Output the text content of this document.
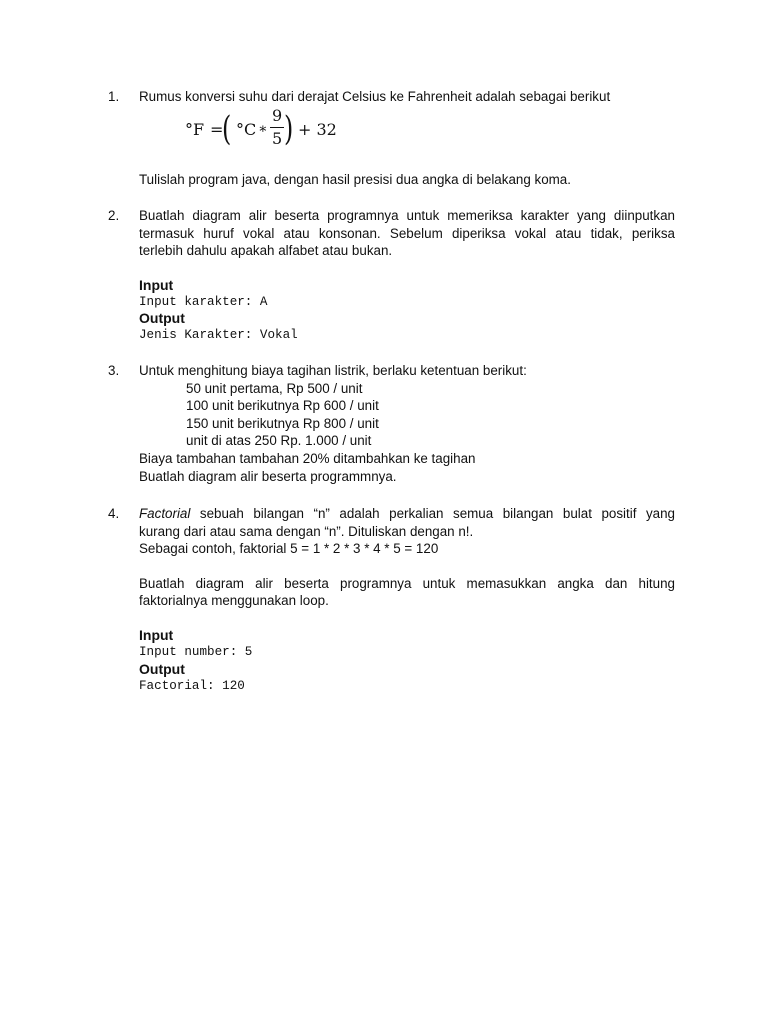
1. Rumus konversi suhu dari derajat Celsius ke Fahrenheit adalah sebagai berikut
°F =
( °C ∗
9
5 ) + 32
Tulislah program java, dengan hasil presisi dua angka di belakang koma.
2. Buatlah diagram alir beserta programnya untuk memeriksa karakter yang diinputkan
termasuk huruf vokal atau konsonan. Sebelum diperiksa vokal atau tidak, periksa
terlebih dahulu apakah alfabet atau bukan.
Input
Input karakter: A
Output
Jenis Karakter: Vokal
3. Untuk menghitung biaya tagihan listrik, berlaku ketentuan berikut:
50 unit pertama, Rp 500 / unit
100 unit berikutnya Rp 600 / unit
150 unit berikutnya Rp 800 / unit
unit di atas 250 Rp. 1.000 / unit
Biaya tambahan tambahan 20% ditambahkan ke tagihan
Buatlah diagram alir beserta programmnya.
4. Factorial sebuah bilangan “n” adalah perkalian semua bilangan bulat positif yang
kurang dari atau sama dengan “n”. Dituliskan dengan n!.
Sebagai contoh, faktorial 5 = 1 * 2 * 3 * 4 * 5 = 120
Buatlah diagram alir beserta programnya untuk memasukkan angka dan hitung
faktorialnya menggunakan loop.
Input
Input number: 5
Output
Factorial: 120
